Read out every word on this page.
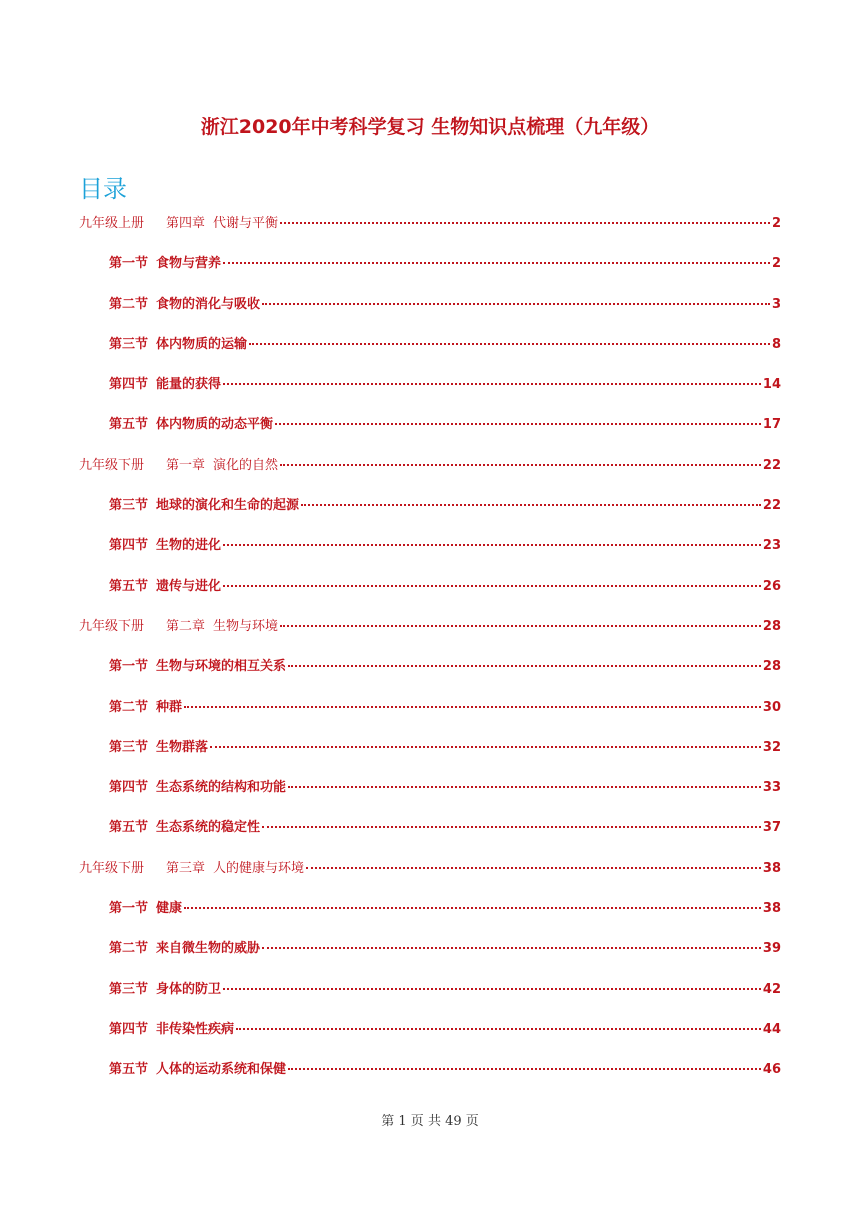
浙江2020年中考科学复习 生物知识点梳理（九年级）
目录
九年级上册 第四章 代谢与平衡	2
第一节 食物与营养	2
第二节 食物的消化与吸收	3
第三节 体内物质的运输	8
第四节 能量的获得	14
第五节 体内物质的动态平衡	17
九年级下册 第一章 演化的自然	22
第三节 地球的演化和生命的起源	22
第四节 生物的进化	23
第五节 遗传与进化	26
九年级下册 第二章 生物与环境	28
第一节 生物与环境的相互关系	28
第二节 种群	30
第三节 生物群落	32
第四节 生态系统的结构和功能	33
第五节 生态系统的稳定性	37
九年级下册 第三章 人的健康与环境	38
第一节 健康	38
第二节 来自微生物的威胁	39
第三节 身体的防卫	42
第四节 非传染性疾病	44
第五节 人体的运动系统和保健	46
第 1 页 共 49 页
